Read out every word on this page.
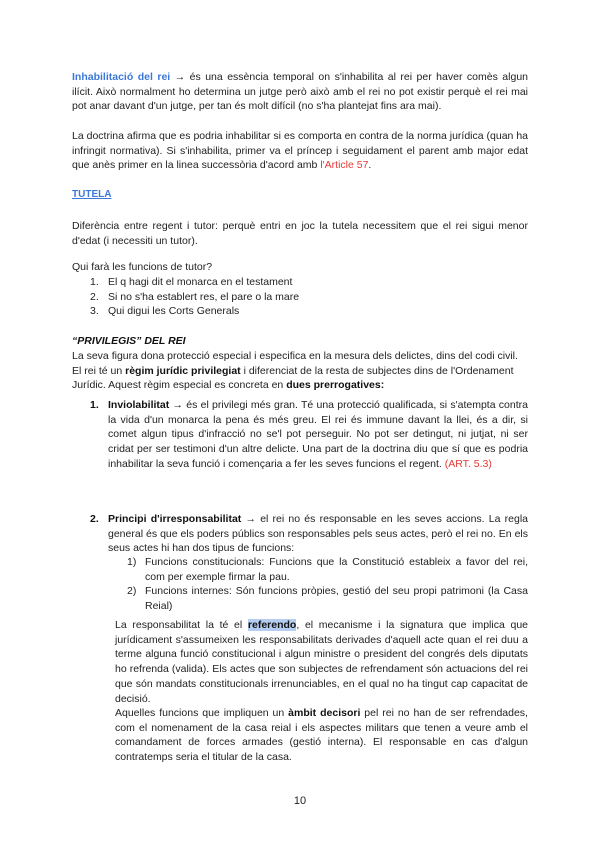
Inhabilitació del rei → és una essència temporal on s'inhabilita al rei per haver comès algun ilícit. Això normalment ho determina un jutge però això amb el rei no pot existir perquè el rei mai pot anar davant d'un jutge, per tan és molt difícil (no s'ha plantejat fins ara mai).
La doctrina afirma que es podria inhabilitar si es comporta en contra de la norma jurídica (quan ha infringit normativa). Si s'inhabilita, primer va el príncep i seguidament el parent amb major edat que anès primer en la linea successòria d'acord amb l'Article 57.
TUTELA
Diferència entre regent i tutor: perquè entri en joc la tutela necessitem que el rei sigui menor d'edat (i necessiti un tutor).
Qui farà les funcions de tutor?
1. El q hagi dit el monarca en el testament
2. Si no s'ha establert res, el pare o la mare
3. Qui digui les Corts Generals
“PRIVILEGIS” DEL REI
La seva figura dona protecció especial i especifica en la mesura dels delictes, dins del codi civil. El rei té un règim jurídic privilegiat i diferenciat de la resta de subjectes dins de l'Ordenament Jurídic. Aquest règim especial es concreta en dues prerrogatives:
1. Inviolabilitat → és el privilegi més gran. Té una protecció qualificada, si s'atempta contra la vida d'un monarca la pena és més greu. El rei és immune davant la llei, és a dir, si comet algun tipus d'infracció no se'l pot perseguir. No pot ser detingut, ni jutjat, ni ser cridat per ser testimoni d'un altre delicte. Una part de la doctrina diu que sí que es podria inhabilitar la seva funció i començaria a fer les seves funcions el regent. (ART. 5.3)
2. Principi d'irresponsabilitat → el rei no és responsable en les seves accions. La regla general és que els poders públics son responsables pels seus actes, però el rei no. En els seus actes hi han dos tipus de funcions:
1) Funcions constitucionals: Funcions que la Constitució estableix a favor del rei, com per exemple firmar la pau.
2) Funcions internes: Són funcions pròpies, gestió del seu propi patrimoni (la Casa Reial)
La responsabilitat la té el referendo, el mecanisme i la signatura que implica que jurídicament s'assumeixen les responsabilitats derivades d'aquell acte quan el rei duu a terme alguna funció constitucional i algun ministre o president del congrés dels diputats ho refrenda (valida). Els actes que son subjectes de refrendament són actuacions del rei que són mandats constitucionals irrenunciables, en el qual no ha tingut cap capacitat de decisió.
Aquelles funcions que impliquen un àmbit decisori pel rei no han de ser refrendades, com el nomenament de la casa reial i els aspectes militars que tenen a veure amb el comandament de forces armades (gestió interna). El responsable en cas d'algun contratemps seria el titular de la casa.
10
